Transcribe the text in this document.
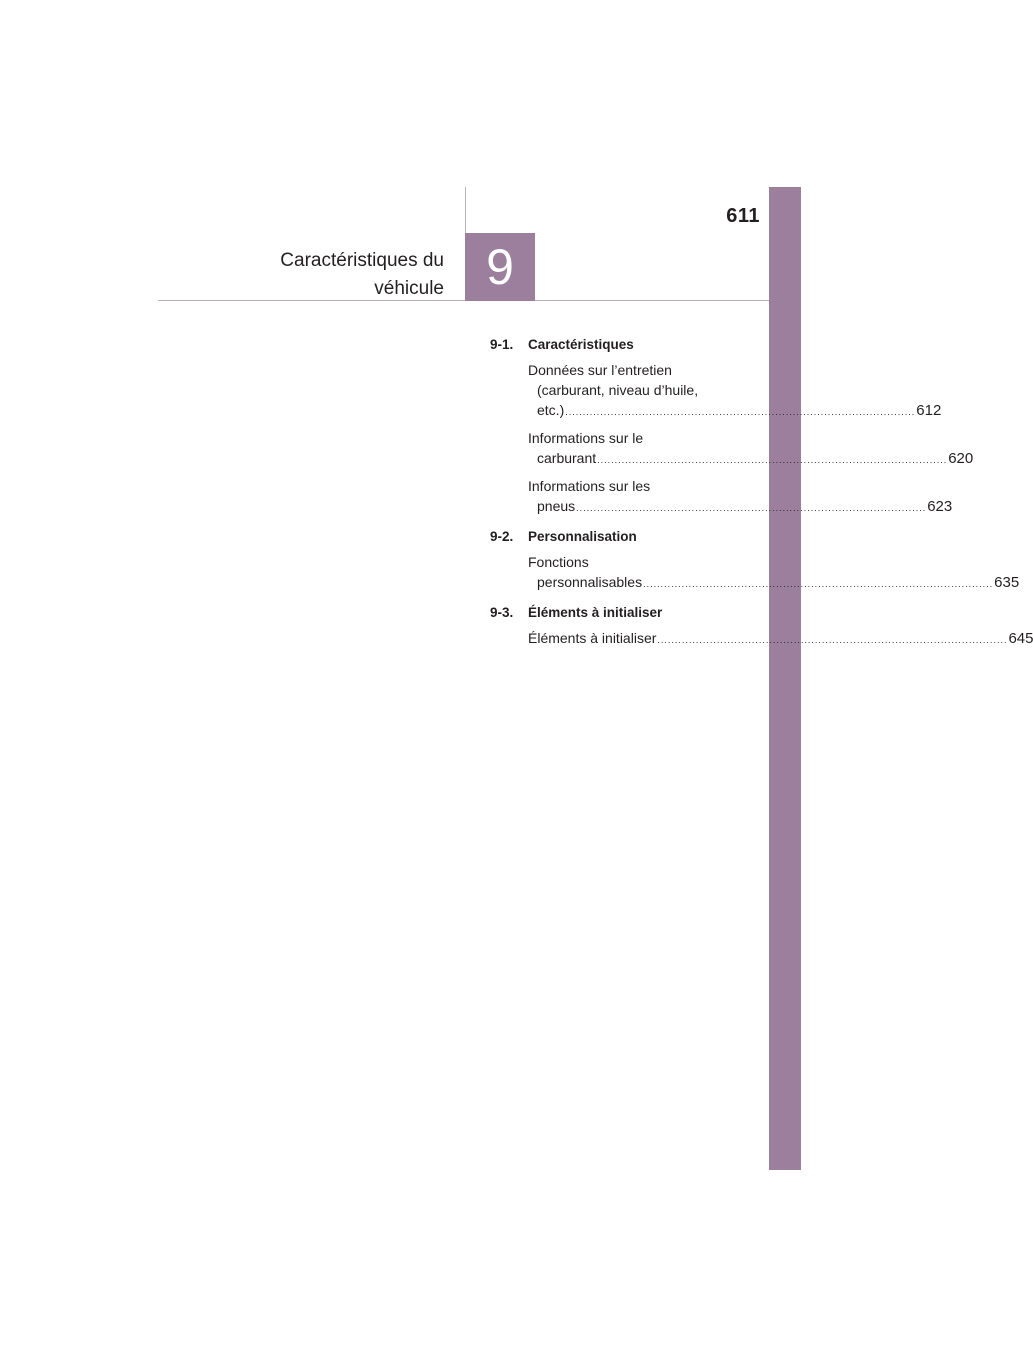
611
9
Caractéristiques du
véhicule
9-1.	Caractéristiques
Données sur l’entretien
(carburant, niveau d’huile,
etc.) .................................................................................................... 612
Informations sur le
carburant .................................................................................................... 620
Informations sur les
pneus .................................................................................................... 623
9-2.	Personnalisation
Fonctions
personnalisables .................................................................................................... 635
9-3.	Éléments à initialiser
Éléments à initialiser .................................................................................................... 645
